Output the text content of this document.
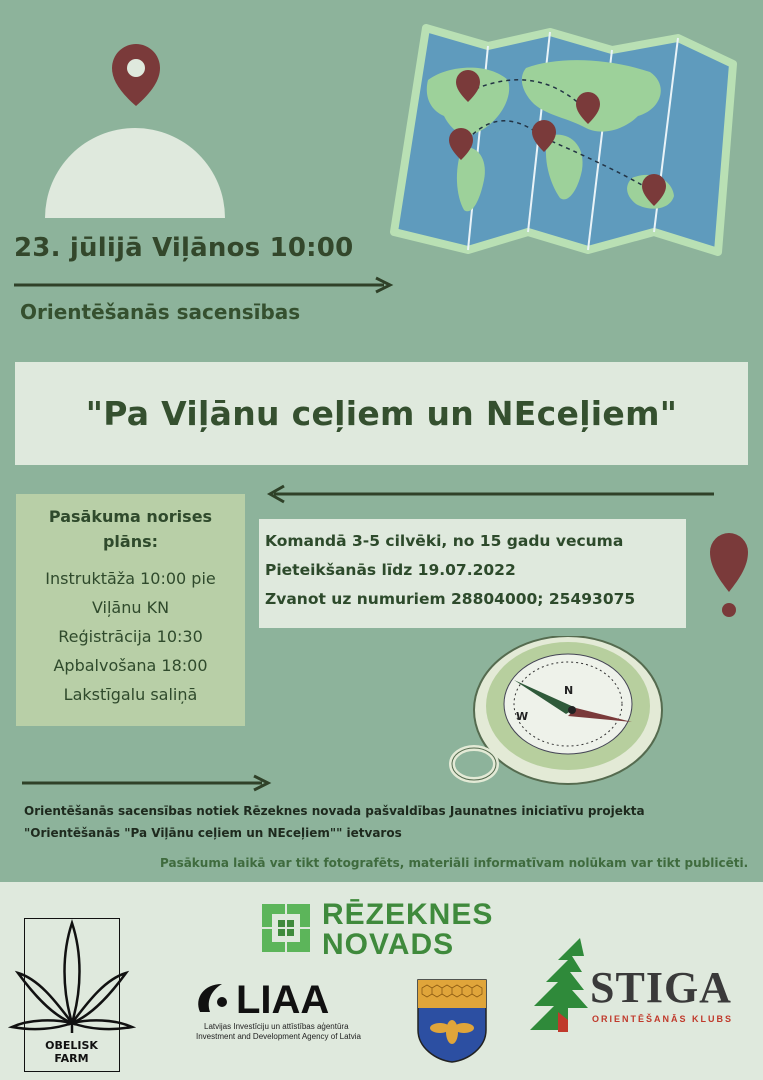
23. jūlijā Viļānos 10:00
Orientēšanās sacensības
"Pa Viļānu ceļiem un NEceļiem"
Pasākuma norises
plāns:
Instruktāža 10:00 pie
Viļānu KN
Reģistrācija 10:30
Apbalvošana 18:00
Lakstīgalu saliņā
Komandā 3-5 cilvēki, no 15 gadu vecuma
Pieteikšanās līdz 19.07.2022
Zvanot uz numuriem 28804000; 25493075
W
N
Orientēšanās sacensības notiek Rēzeknes novada pašvaldības Jaunatnes iniciatīvu projekta
"Orientēšanās "Pa Viļānu ceļiem un NEceļiem"" ietvaros
Pasākuma laikā var tikt fotografēts, materiāli informatīvam nolūkam var tikt publicēti.
OBELISK
FARM
RĒZEKNES
NOVADS
LIAA
Latvijas Investīciju un attīstības aģentūra
Investment and Development Agency of Latvia
STIGA
ORIENTĒŠANĀS KLUBS
